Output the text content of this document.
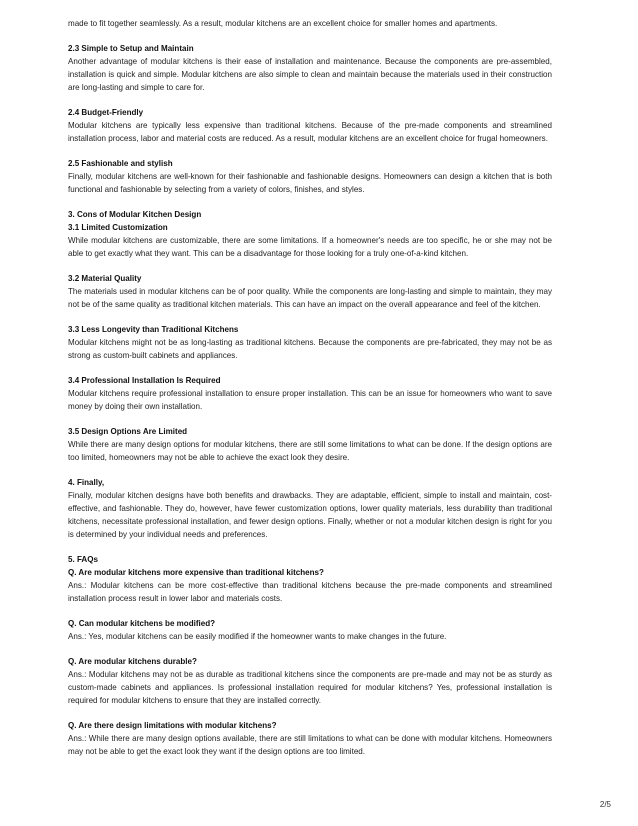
made to fit together seamlessly. As a result, modular kitchens are an excellent choice for smaller homes and apartments.

2.3 Simple to Setup and Maintain

Another advantage of modular kitchens is their ease of installation and maintenance. Because the components are pre-assembled, installation is quick and simple. Modular kitchens are also simple to clean and maintain because the materials used in their construction are long-lasting and simple to care for.

2.4 Budget-Friendly

Modular kitchens are typically less expensive than traditional kitchens. Because of the pre-made components and streamlined installation process, labor and material costs are reduced. As a result, modular kitchens are an excellent choice for frugal homeowners.

2.5 Fashionable and stylish

Finally, modular kitchens are well-known for their fashionable and fashionable designs. Homeowners can design a kitchen that is both functional and fashionable by selecting from a variety of colors, finishes, and styles.

3. Cons of Modular Kitchen Design
3.1 Limited Customization

While modular kitchens are customizable, there are some limitations. If a homeowner's needs are too specific, he or she may not be able to get exactly what they want. This can be a disadvantage for those looking for a truly one-of-a-kind kitchen.

3.2 Material Quality

The materials used in modular kitchens can be of poor quality. While the components are long-lasting and simple to maintain, they may not be of the same quality as traditional kitchen materials. This can have an impact on the overall appearance and feel of the kitchen.

3.3 Less Longevity than Traditional Kitchens

Modular kitchens might not be as long-lasting as traditional kitchens. Because the components are pre-fabricated, they may not be as strong as custom-built cabinets and appliances.

3.4 Professional Installation Is Required

Modular kitchens require professional installation to ensure proper installation. This can be an issue for homeowners who want to save money by doing their own installation.

3.5 Design Options Are Limited

While there are many design options for modular kitchens, there are still some limitations to what can be done. If the design options are too limited, homeowners may not be able to achieve the exact look they desire.

4. Finally,

Finally, modular kitchen designs have both benefits and drawbacks. They are adaptable, efficient, simple to install and maintain, cost-effective, and fashionable. They do, however, have fewer customization options, lower quality materials, less durability than traditional kitchens, necessitate professional installation, and fewer design options. Finally, whether or not a modular kitchen design is right for you is determined by your individual needs and preferences.

5. FAQs
Q. Are modular kitchens more expensive than traditional kitchens?

Ans.: Modular kitchens can be more cost-effective than traditional kitchens because the pre-made components and streamlined installation process result in lower labor and materials costs.

Q. Can modular kitchens be modified?

Ans.: Yes, modular kitchens can be easily modified if the homeowner wants to make changes in the future.

Q. Are modular kitchens durable?

Ans.: Modular kitchens may not be as durable as traditional kitchens since the components are pre-made and may not be as sturdy as custom-made cabinets and appliances. Is professional installation required for modular kitchens? Yes, professional installation is required for modular kitchens to ensure that they are installed correctly.

Q. Are there design limitations with modular kitchens?

Ans.: While there are many design options available, there are still limitations to what can be done with modular kitchens. Homeowners may not be able to get the exact look they want if the design options are too limited.

2/5
